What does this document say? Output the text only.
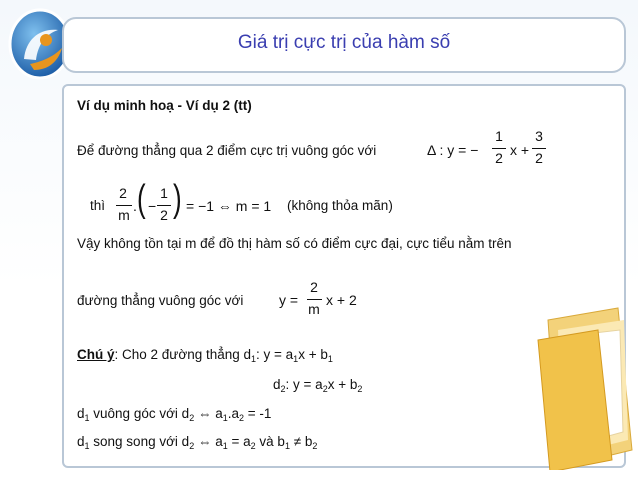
Giá trị cực trị của hàm số
Ví dụ minh hoạ - Ví dụ 2 (tt)
Để đường thẳng qua 2 điểm cực trị vuông góc với	Δ : y = −
1
2 x +
3
2
thì
2
m
. ( −
1
2 ) = −1 ⇔ m = 1 (không thỏa mãn)
Vậy không tồn tại m để đồ thị hàm số có điểm cực đại, cực tiểu nằm trên
đường thẳng vuông góc với	y =
2
m
x + 2
Chú ý: Cho 2 đường thẳng $d_1$: $y = a_1x + b_1$
$d_2$: $y = a_2x + b_2$
$d_1$ vuông góc với $d_2$ ⇔ $a_1.a_2 = -1$
$d_1$ song song với $d_2$ ⇔ $a_1 = a_2$ và $b_1 \ne b_2$
